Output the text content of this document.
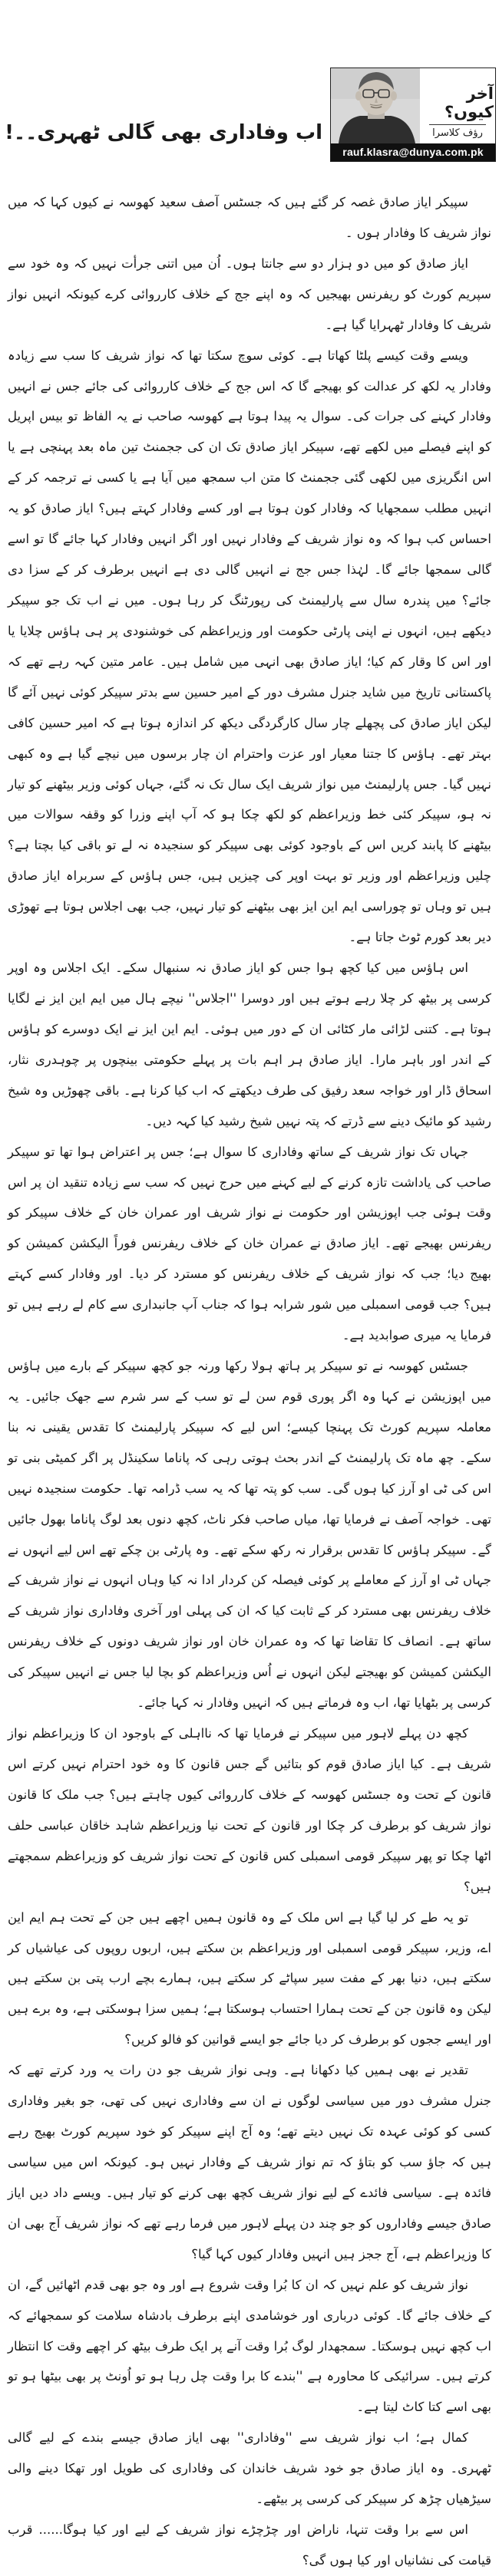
آخر کیوں؟
رؤف کلاسرا
rauf.klasra@dunya.com.pk
اب وفاداری بھی گالی ٹھہری۔۔!

سپیکر ایاز صادق غصہ کر گئے ہیں کہ جسٹس آصف سعید کھوسہ نے کیوں کہا کہ میں نواز شریف کا وفادار ہوں ۔

ایاز صادق کو میں دو ہزار دو سے جانتا ہوں۔ اُن میں اتنی جرأت نہیں کہ وہ خود سے سپریم کورٹ کو ریفرنس بھیجیں کہ وہ اپنے جج کے خلاف کارروائی کرے کیونکہ انہیں نواز شریف کا وفادار ٹھہرایا گیا ہے۔

ویسے وقت کیسے پلٹا کھاتا ہے۔ کوئی سوچ سکتا تھا کہ نواز شریف کا سب سے زیادہ وفادار یہ لکھ کر عدالت کو بھیجے گا کہ اس جج کے خلاف کارروائی کی جائے جس نے انہیں وفادار کہنے کی جرات کی۔ سوال یہ پیدا ہوتا ہے کھوسہ صاحب نے یہ الفاظ تو بیس اپریل کو اپنے فیصلے میں لکھے تھے، سپیکر ایاز صادق تک ان کی ججمنٹ تین ماہ بعد پہنچی ہے یا اس انگریزی میں لکھی گئی ججمنٹ کا متن اب سمجھ میں آیا ہے یا کسی نے ترجمہ کر کے انہیں مطلب سمجھایا کہ وفادار کون ہوتا ہے اور کسے وفادار کہتے ہیں؟ ایاز صادق کو یہ احساس کب ہوا کہ وہ نواز شریف کے وفادار نہیں اور اگر انہیں وفادار کہا جائے گا تو اسے گالی سمجھا جائے گا۔ لہٰذا جس جج نے انہیں گالی دی ہے انہیں برطرف کر کے سزا دی جائے؟ میں پندرہ سال سے پارلیمنٹ کی رپورٹنگ کر رہا ہوں۔ میں نے اب تک جو سپیکر دیکھے ہیں، انہوں نے اپنی پارٹی حکومت اور وزیراعظم کی خوشنودی پر ہی ہاؤس چلایا یا اور اس کا وقار کم کیا؛ ایاز صادق بھی انہی میں شامل ہیں۔ عامر متین کہہ رہے تھے کہ پاکستانی تاریخ میں شاید جنرل مشرف دور کے امیر حسین سے بدتر سپیکر کوئی نہیں آئے گا لیکن ایاز صادق کی پچھلے چار سال کارگردگی دیکھ کر اندازہ ہوتا ہے کہ امیر حسین کافی بہتر تھے۔ ہاؤس کا جتنا معیار اور عزت واحترام ان چار برسوں میں نیچے گیا ہے وہ کبھی نہیں گیا۔ جس پارلیمنٹ میں نواز شریف ایک سال تک نہ گئے، جہاں کوئی وزیر بیٹھنے کو تیار نہ ہو، سپیکر کئی خط وزیراعظم کو لکھ چکا ہو کہ آپ اپنے وزرا کو وقفہ سوالات میں بیٹھنے کا پابند کریں اس کے باوجود کوئی بھی سپیکر کو سنجیدہ نہ لے تو باقی کیا بچتا ہے؟ چلیں وزیراعظم اور وزیر تو بہت اوپر کی چیزیں ہیں، جس ہاؤس کے سربراہ ایاز صادق ہیں تو وہاں تو چوراسی ایم این ایز بھی بیٹھنے کو تیار نہیں، جب بھی اجلاس ہوتا ہے تھوڑی دیر بعد کورم ٹوٹ جاتا ہے۔

اس ہاؤس میں کیا کچھ ہوا جس کو ایاز صادق نہ سنبھال سکے۔ ایک اجلاس وہ اوپر کرسی پر بیٹھ کر چلا رہے ہوتے ہیں اور دوسرا ''اجلاس'' نیچے ہال میں ایم این ایز نے لگایا ہوتا ہے۔ کتنی لڑائی مار کٹائی ان کے دور میں ہوئی۔ ایم این ایز نے ایک دوسرے کو ہاؤس کے اندر اور باہر مارا۔ ایاز صادق ہر اہم بات پر پہلے حکومتی بینچوں پر چوہدری نثار، اسحاق ڈار اور خواجہ سعد رفیق کی طرف دیکھتے کہ اب کیا کرنا ہے۔ باقی چھوڑیں وہ شیخ رشید کو مائیک دینے سے ڈرتے کہ پتہ نہیں شیخ رشید کیا کہہ دیں۔

جہاں تک نواز شریف کے ساتھ وفاداری کا سوال ہے؛ جس پر اعتراض ہوا تھا تو سپیکر صاحب کی یاداشت تازہ کرنے کے لیے کہنے میں حرج نہیں کہ سب سے زیادہ تنقید ان پر اس وقت ہوئی جب اپوزیشن اور حکومت نے نواز شریف اور عمران خان کے خلاف سپیکر کو ریفرنس بھیجے تھے۔ ایاز صادق نے عمران خان کے خلاف ریفرنس فوراً الیکشن کمیشن کو بھیج دیا؛ جب کہ نواز شریف کے خلاف ریفرنس کو مسترد کر دیا۔ اور وفادار کسے کہتے ہیں؟ جب قومی اسمبلی میں شور شرابہ ہوا کہ جناب آپ جانبداری سے کام لے رہے ہیں تو فرمایا یہ میری صوابدید ہے۔

جسٹس کھوسہ نے تو سپیکر پر ہاتھ ہولا رکھا ورنہ جو کچھ سپیکر کے بارے میں ہاؤس میں اپوزیشن نے کہا وہ اگر پوری قوم سن لے تو سب کے سر شرم سے جھک جائیں۔ یہ معاملہ سپریم کورٹ تک پہنچا کیسے؛ اس لیے کہ سپیکر پارلیمنٹ کا تقدس یقینی نہ بنا سکے۔ چھ ماہ تک پارلیمنٹ کے اندر بحث ہوتی رہی کہ پاناما سکینڈل پر اگر کمیٹی بنی تو اس کی ٹی او آرز کیا ہوں گی۔ سب کو پتہ تھا کہ یہ سب ڈرامہ تھا۔ حکومت سنجیدہ نہیں تھی۔ خواجہ آصف نے فرمایا تھا، میاں صاحب فکر ناٹ، کچھ دنوں بعد لوگ پاناما بھول جائیں گے۔ سپیکر ہاؤس کا تقدس برقرار نہ رکھ سکے تھے۔ وہ پارٹی بن چکے تھے اس لیے انہوں نے جہاں ٹی او آرز کے معاملے پر کوئی فیصلہ کن کردار ادا نہ کیا وہاں انہوں نے نواز شریف کے خلاف ریفرنس بھی مسترد کر کے ثابت کیا کہ ان کی پہلی اور آخری وفاداری نواز شریف کے ساتھ ہے۔ انصاف کا تقاضا تھا کہ وہ عمران خان اور نواز شریف دونوں کے خلاف ریفرنس الیکشن کمیشن کو بھیجتے لیکن انہوں نے اُس وزیراعظم کو بچا لیا جس نے انہیں سپیکر کی کرسی پر بٹھایا تھا، اب وہ فرماتے ہیں کہ انہیں وفادار نہ کہا جائے۔

کچھ دن پہلے لاہور میں سپیکر نے فرمایا تھا کہ نااہلی کے باوجود ان کا وزیراعظم نواز شریف ہے۔ کیا ایاز صادق قوم کو بتائیں گے جس قانون کا وہ خود احترام نہیں کرتے اس قانون کے تحت وہ جسٹس کھوسہ کے خلاف کارروائی کیوں چاہتے ہیں؟ جب ملک کا قانون نواز شریف کو برطرف کر چکا اور قانون کے تحت نیا وزیراعظم شاہد خاقان عباسی حلف اٹھا چکا تو پھر سپیکر قومی اسمبلی کس قانون کے تحت نواز شریف کو وزیراعظم سمجھتے ہیں؟

تو یہ طے کر لیا گیا ہے اس ملک کے وہ قانون ہمیں اچھے ہیں جن کے تحت ہم ایم این اے، وزیر، سپیکر قومی اسمبلی اور وزیراعظم بن سکتے ہیں، اربوں روپوں کی عیاشیاں کر سکتے ہیں، دنیا بھر کے مفت سیر سپاٹے کر سکتے ہیں، ہمارے بچے ارب پتی بن سکتے ہیں لیکن وہ قانون جن کے تحت ہمارا احتساب ہوسکتا ہے؛ ہمیں سزا ہوسکتی ہے، وہ برے ہیں اور ایسے ججوں کو برطرف کر دیا جائے جو ایسے قوانین کو فالو کریں؟

تقدیر نے بھی ہمیں کیا دکھانا ہے۔ وہی نواز شریف جو دن رات یہ ورد کرتے تھے کہ جنرل مشرف دور میں سیاسی لوگوں نے ان سے وفاداری نہیں کی تھی، جو بغیر وفاداری کسی کو کوئی عہدہ تک نہیں دیتے تھے؛ وہ آج اپنے سپیکر کو خود سپریم کورٹ بھیج رہے ہیں کہ جاؤ سب کو بتاؤ کہ تم نواز شریف کے وفادار نہیں ہو۔ کیونکہ اس میں سیاسی فائدہ ہے۔ سیاسی فائدے کے لیے نواز شریف کچھ بھی کرنے کو تیار ہیں۔ ویسے داد دیں ایاز صادق جیسے وفاداروں کو جو چند دن پہلے لاہور میں فرما رہے تھے کہ نواز شریف آج بھی ان کا وزیراعظم ہے، آج ججز ہیں انہیں وفادار کیوں کہا گیا؟

نواز شریف کو علم نہیں کہ ان کا بُرا وقت شروع ہے اور وہ جو بھی قدم اٹھائیں گے، ان کے خلاف جائے گا۔ کوئی درباری اور خوشامدی اپنے برطرف بادشاہ سلامت کو سمجھائے کہ اب کچھ نہیں ہوسکتا۔ سمجھدار لوگ بُرا وقت آنے پر ایک طرف بیٹھ کر اچھے وقت کا انتظار کرتے ہیں۔ سرائیکی کا محاورہ ہے ''بندے کا برا وقت چل رہا ہو تو اُونٹ پر بھی بیٹھا ہو تو بھی اسے کتا کاٹ لیتا ہے۔

کمال ہے؛ اب نواز شریف سے ''وفاداری'' بھی ایاز صادق جیسے بندے کے لیے گالی ٹھہری۔ وہ ایاز صادق جو خود شریف خاندان کی وفاداری کی طویل اور تھکا دینے والی سیڑھیاں چڑھ کر سپیکر کی کرسی پر بیٹھے۔

اس سے برا وقت تنہا، ناراض اور چڑچڑے نواز شریف کے لیے اور کیا ہوگا...... قرب قیامت کی نشانیاں اور کیا ہوں گی؟
